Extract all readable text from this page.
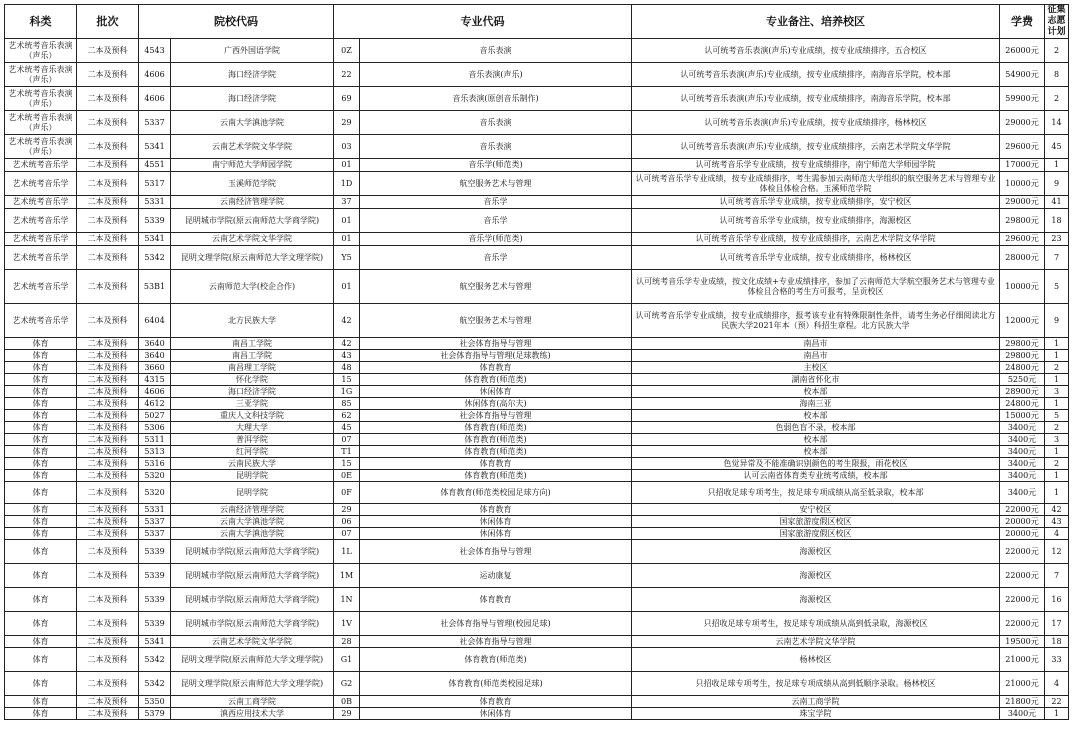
科类	批次	院校代码		专业代码		专业备注、培养校区	学费	征集志愿计划
艺术统考音乐表演（声乐）	二本及预科	4543	广西外国语学院	0Z	音乐表演	认可统考音乐表演(声乐)专业成绩，按专业成绩排序，五合校区	26000元	2
艺术统考音乐表演（声乐）	二本及预科	4606	海口经济学院	22	音乐表演(声乐)	认可统考音乐表演(声乐)专业成绩，按专业成绩排序，南海音乐学院，校本部	54900元	8
艺术统考音乐表演（声乐）	二本及预科	4606	海口经济学院	69	音乐表演(原创音乐制作)	认可统考音乐表演(声乐)专业成绩，按专业成绩排序，南海音乐学院，校本部	59900元	2
艺术统考音乐表演（声乐）	二本及预科	5337	云南大学滇池学院	29	音乐表演	认可统考音乐表演(声乐)专业成绩，按专业成绩排序，杨林校区	29000元	14
艺术统考音乐表演（声乐）	二本及预科	5341	云南艺术学院文华学院	03	音乐表演	认可统考音乐表演(声乐)专业成绩，按专业成绩排序，云南艺术学院文华学院	29600元	45
艺术统考音乐学	二本及预科	4551	南宁师范大学师园学院	01	音乐学(师范类)	认可统考音乐学专业成绩，按专业成绩排序，南宁师范大学师园学院	17000元	1
艺术统考音乐学	二本及预科	5317	玉溪师范学院	1D	航空服务艺术与管理	认可统考音乐学专业成绩，按专业成绩排序，考生需参加云南师范大学组织的航空服务艺术与管理专业体检且体检合格。玉溪师范学院	10000元	9
艺术统考音乐学	二本及预科	5331	云南经济管理学院	37	音乐学	认可统考音乐学专业成绩，按专业成绩排序，安宁校区	29000元	41
艺术统考音乐学	二本及预科	5339	昆明城市学院(原云南师范大学商学院)	01	音乐学	认可统考音乐学专业成绩，按专业成绩排序，海源校区	29800元	18
艺术统考音乐学	二本及预科	5341	云南艺术学院文华学院	01	音乐学(师范类)	认可统考音乐学专业成绩，按专业成绩排序，云南艺术学院文华学院	29600元	23
艺术统考音乐学	二本及预科	5342	昆明文理学院(原云南师范大学文理学院)	Y5	音乐学	认可统考音乐学专业成绩，按专业成绩排序，杨林校区	28000元	7
艺术统考音乐学	二本及预科	53B1	云南师范大学(校企合作)	01	航空服务艺术与管理	认可统考音乐学专业成绩，按文化成绩+专业成绩排序，参加了云南师范大学航空服务艺术与管理专业体检且合格的考生方可报考，呈贡校区	10000元	5
艺术统考音乐学	二本及预科	6404	北方民族大学	42	航空服务艺术与管理	认可统考音乐学专业成绩，按专业成绩排序，报考该专业有特殊限制性条件，请考生务必仔细阅读北方民族大学2021年本（预）科招生章程。北方民族大学	12000元	9
体育	二本及预科	3640	南昌工学院	42	社会体育指导与管理	南昌市	29800元	1
体育	二本及预科	3640	南昌工学院	43	社会体育指导与管理(足球教练)	南昌市	29800元	1
体育	二本及预科	3660	南昌理工学院	48	体育教育	主校区	24800元	2
体育	二本及预科	4315	怀化学院	15	体育教育(师范类)	湖南省怀化市	5250元	1
体育	二本及预科	4606	海口经济学院	1G	休闲体育	校本部	28900元	3
体育	二本及预科	4612	三亚学院	85	休闲体育(高尔夫)	海南三亚	24800元	1
体育	二本及预科	5027	重庆人文科技学院	62	社会体育指导与管理	校本部	15000元	5
体育	二本及预科	5306	大理大学	45	体育教育(师范类)	色弱色盲不录，校本部	3400元	2
体育	二本及预科	5311	普洱学院	07	体育教育(师范类)	校本部	3400元	3
体育	二本及预科	5313	红河学院	T1	体育教育(师范类)	校本部	3400元	1
体育	二本及预科	5316	云南民族大学	15	体育教育	色觉异常及不能准确识别颜色的考生限报，雨花校区	3400元	2
体育	二本及预科	5320	昆明学院	0E	体育教育(师范类)	认可云南省体育类专业统考成绩，校本部	3400元	1
体育	二本及预科	5320	昆明学院	0F	体育教育(师范类校园足球方向)	只招收足球专项考生，按足球专项成绩从高至低录取，校本部	3400元	1
体育	二本及预科	5331	云南经济管理学院	29	体育教育	安宁校区	22000元	42
体育	二本及预科	5337	云南大学滇池学院	06	休闲体育	国家旅游度假区校区	20000元	43
体育	二本及预科	5337	云南大学滇池学院	07	休闲体育	国家旅游度假区校区	20000元	4
体育	二本及预科	5339	昆明城市学院(原云南师范大学商学院)	1L	社会体育指导与管理	海源校区	22000元	12
体育	二本及预科	5339	昆明城市学院(原云南师范大学商学院)	1M	运动康复	海源校区	22000元	7
体育	二本及预科	5339	昆明城市学院(原云南师范大学商学院)	1N	体育教育	海源校区	22000元	16
体育	二本及预科	5339	昆明城市学院(原云南师范大学商学院)	1V	社会体育指导与管理(校园足球)	只招收足球专项考生，按足球专项成绩从高到低录取，海源校区	22000元	17
体育	二本及预科	5341	云南艺术学院文华学院	28	社会体育指导与管理	云南艺术学院文华学院	19500元	18
体育	二本及预科	5342	昆明文理学院(原云南师范大学文理学院)	G1	体育教育(师范类)	杨林校区	21000元	33
体育	二本及预科	5342	昆明文理学院(原云南师范大学文理学院)	G2	体育教育(师范类校园足球)	只招收足球专项考生，按足球专项成绩从高到低顺序录取。杨林校区	21000元	4
体育	二本及预科	5350	云南工商学院	0B	体育教育	云南工商学院	21800元	22
体育	二本及预科	5379	滇西应用技术大学	29	休闲体育	珠宝学院	3400元	1
